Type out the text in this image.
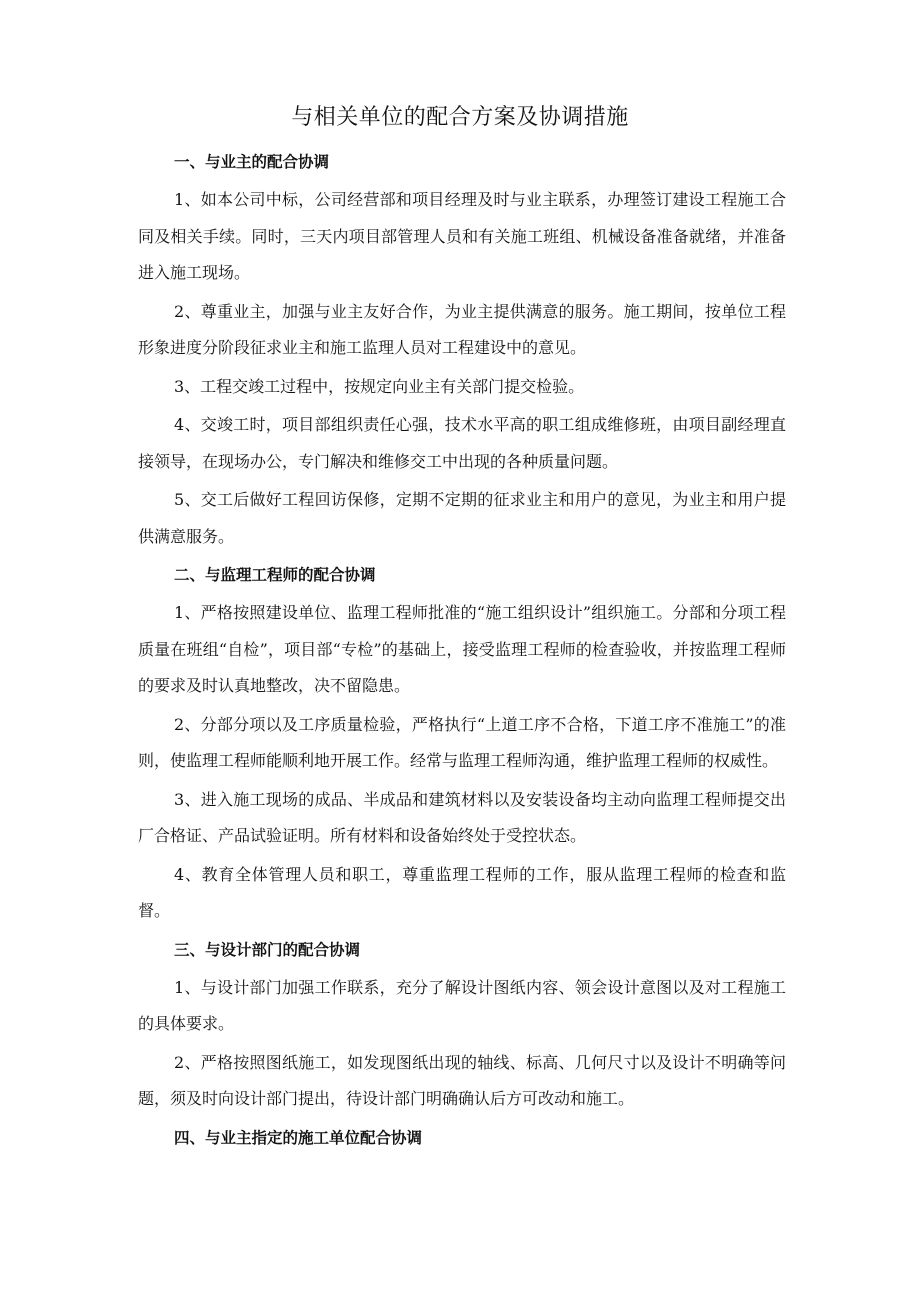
与相关单位的配合方案及协调措施

一、与业主的配合协调

1、如本公司中标，公司经营部和项目经理及时与业主联系，办理签订建设工程施工合同及相关手续。同时，三天内项目部管理人员和有关施工班组、机械设备准备就绪，并准备进入施工现场。

2、尊重业主，加强与业主友好合作，为业主提供满意的服务。施工期间，按单位工程形象进度分阶段征求业主和施工监理人员对工程建设中的意见。

3、工程交竣工过程中，按规定向业主有关部门提交检验。

4、交竣工时，项目部组织责任心强，技术水平高的职工组成维修班，由项目副经理直接领导，在现场办公，专门解决和维修交工中出现的各种质量问题。

5、交工后做好工程回访保修，定期不定期的征求业主和用户的意见，为业主和用户提供满意服务。

二、与监理工程师的配合协调

1、严格按照建设单位、监理工程师批准的“施工组织设计”组织施工。分部和分项工程质量在班组“自检”，项目部“专检”的基础上，接受监理工程师的检查验收，并按监理工程师的要求及时认真地整改，决不留隐患。

2、分部分项以及工序质量检验，严格执行“上道工序不合格，下道工序不准施工”的准则，使监理工程师能顺利地开展工作。经常与监理工程师沟通，维护监理工程师的权威性。

3、进入施工现场的成品、半成品和建筑材料以及安装设备均主动向监理工程师提交出厂合格证、产品试验证明。所有材料和设备始终处于受控状态。

4、教育全体管理人员和职工，尊重监理工程师的工作，服从监理工程师的检查和监督。

三、与设计部门的配合协调

1、与设计部门加强工作联系，充分了解设计图纸内容、领会设计意图以及对工程施工的具体要求。

2、严格按照图纸施工，如发现图纸出现的轴线、标高、几何尺寸以及设计不明确等问题，须及时向设计部门提出，待设计部门明确确认后方可改动和施工。

四、与业主指定的施工单位配合协调
